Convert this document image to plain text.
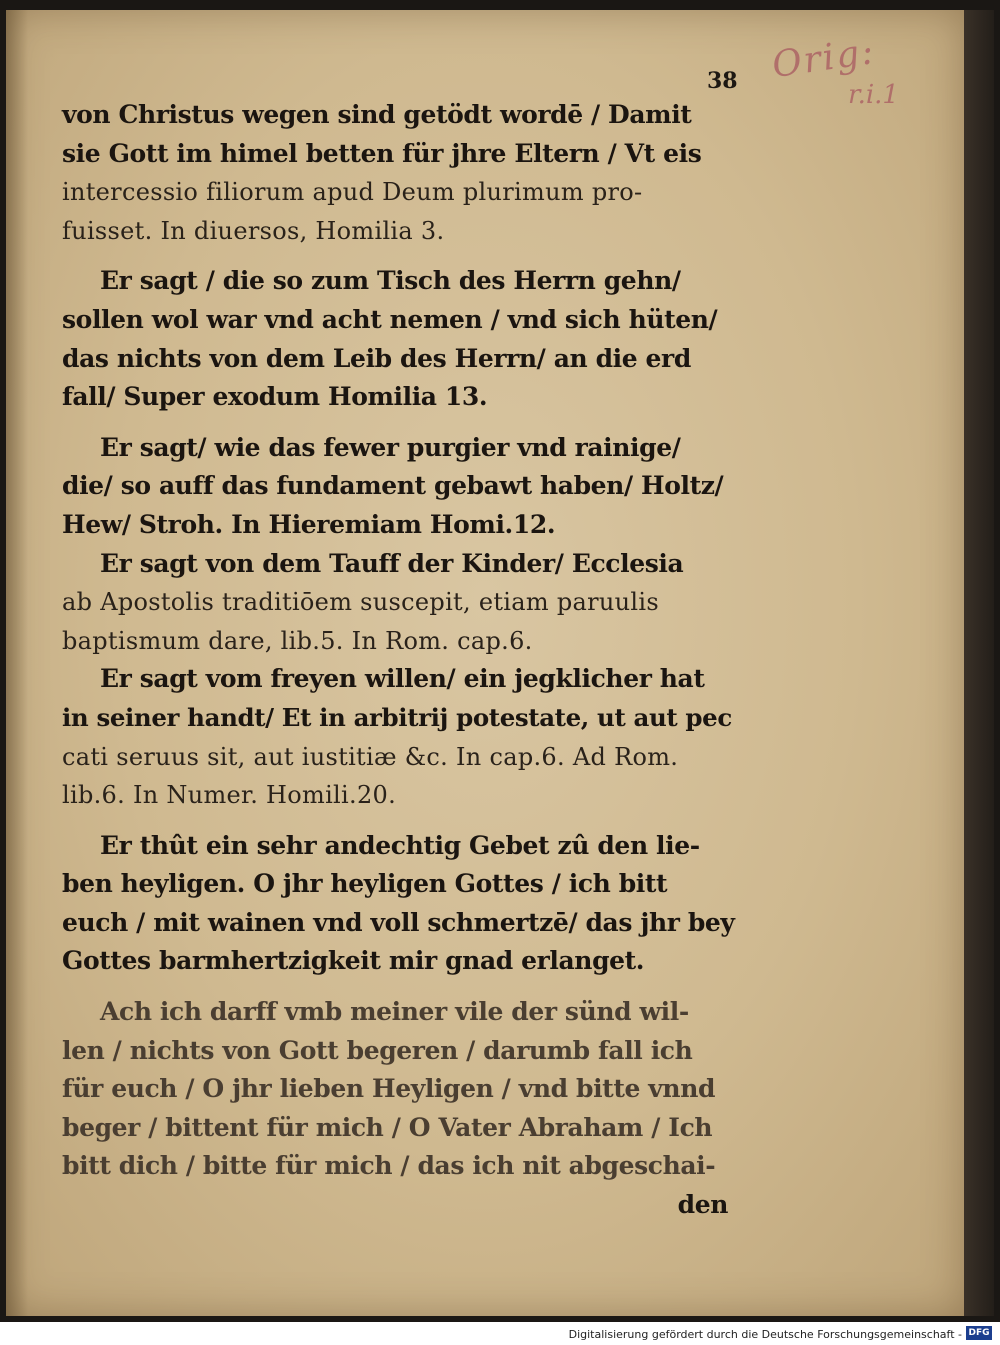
Orig:
r.i.1
38
von Christus wegen sind getödt wordē / Damit
sie Gott im himel betten für jhre Eltern / Vt eis
intercessio filiorum apud Deum plurimum pro-
fuisset. In diuersos, Homilia 3.
Er sagt / die so zum Tisch des Herrn gehn/
sollen wol war vnd acht nemen / vnd sich hüten/
das nichts von dem Leib des Herrn/ an die erd
fall/ Super exodum Homilia 13.
Er sagt/ wie das fewer purgier vnd rainige/
die/ so auff das fundament gebawt haben/ Holtz/
Hew/ Stroh. In Hieremiam Homi.12.
Er sagt von dem Tauff der Kinder/ Ecclesia
ab Apostolis traditiōem suscepit, etiam paruulis
baptismum dare, lib.5. In Rom. cap.6.
Er sagt vom freyen willen/ ein jegklicher hat
in seiner handt/ Et in arbitrij potestate, ut aut pec
cati seruus sit, aut iustitiæ &c. In cap.6. Ad Rom.
lib.6. In Numer. Homili.20.
Er thût ein sehr andechtig Gebet zû den lie-
ben heyligen. O jhr heyligen Gottes / ich bitt
euch / mit wainen vnd voll schmertzē/ das jhr bey
Gottes barmhertzigkeit mir gnad erlanget.
Ach ich darff vmb meiner vile der sünd wil-
len / nichts von Gott begeren / darumb fall ich
für euch / O jhr lieben Heyligen / vnd bitte vnnd
beger / bittent für mich / O Vater Abraham / Ich
bitt dich / bitte für mich / das ich nit abgeschai-
den
Digitalisierung gefördert durch die Deutsche Forschungsgemeinschaft - DFG
